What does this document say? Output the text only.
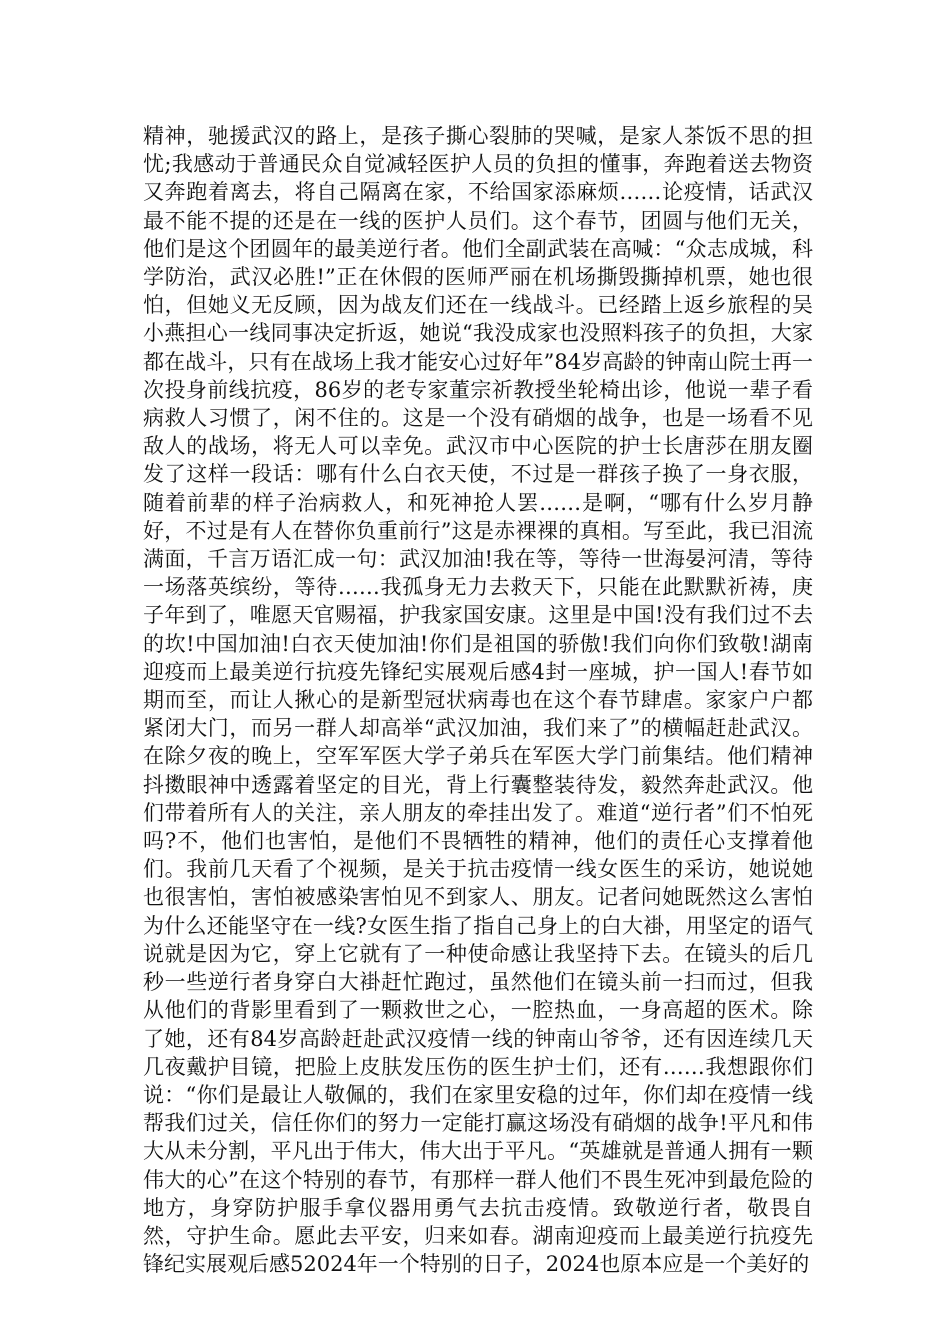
精神，驰援武汉的路上，是孩子撕心裂肺的哭喊，是家人茶饭不思的担忧;我感动于普通民众自觉减轻医护人员的负担的懂事，奔跑着送去物资又奔跑着离去，将自己隔离在家，不给国家添麻烦……论疫情，话武汉最不能不提的还是在一线的医护人员们。这个春节，团圆与他们无关，他们是这个团圆年的最美逆行者。他们全副武装在高喊：“众志成城，科学防治，武汉必胜!”正在休假的医师严丽在机场撕毁撕掉机票，她也很怕，但她义无反顾，因为战友们还在一线战斗。已经踏上返乡旅程的吴小燕担心一线同事决定折返，她说“我没成家也没照料孩子的负担，大家都在战斗，只有在战场上我才能安心过好年”84岁高龄的钟南山院士再一次投身前线抗疫，86岁的老专家董宗祈教授坐轮椅出诊，他说一辈子看病救人习惯了，闲不住的。这是一个没有硝烟的战争，也是一场看不见敌人的战场，将无人可以幸免。武汉市中心医院的护士长唐莎在朋友圈发了这样一段话：哪有什么白衣天使，不过是一群孩子换了一身衣服，随着前辈的样子治病救人，和死神抢人罢……是啊，“哪有什么岁月静好，不过是有人在替你负重前行”这是赤裸裸的真相。写至此，我已泪流满面，千言万语汇成一句：武汉加油!我在等，等待一世海晏河清，等待一场落英缤纷，等待……我孤身无力去救天下，只能在此默默祈祷，庚子年到了，唯愿天官赐福，护我家国安康。这里是中国!没有我们过不去的坎!中国加油!白衣天使加油!你们是祖国的骄傲!我们向你们致敬!湖南迎疫而上最美逆行抗疫先锋纪实展观后感4封一座城，护一国人!春节如期而至，而让人揪心的是新型冠状病毒也在这个春节肆虐。家家户户都紧闭大门，而另一群人却高举“武汉加油，我们来了”的横幅赶赴武汉。在除夕夜的晚上，空军军医大学子弟兵在军医大学门前集结。他们精神抖擞眼神中透露着坚定的目光，背上行囊整装待发，毅然奔赴武汉。他们带着所有人的关注，亲人朋友的牵挂出发了。难道“逆行者”们不怕死吗?不，他们也害怕，是他们不畏牺牲的精神，他们的责任心支撑着他们。我前几天看了个视频，是关于抗击疫情一线女医生的采访，她说她也很害怕，害怕被感染害怕见不到家人、朋友。记者问她既然这么害怕为什么还能坚守在一线?女医生指了指自己身上的白大褂，用坚定的语气说就是因为它，穿上它就有了一种使命感让我坚持下去。在镜头的后几秒一些逆行者身穿白大褂赶忙跑过，虽然他们在镜头前一扫而过，但我从他们的背影里看到了一颗救世之心，一腔热血，一身高超的医术。除了她，还有84岁高龄赶赴武汉疫情一线的钟南山爷爷，还有因连续几天几夜戴护目镜，把脸上皮肤发压伤的医生护士们，还有……我想跟你们说：“你们是最让人敬佩的，我们在家里安稳的过年，你们却在疫情一线帮我们过关，信任你们的努力一定能打赢这场没有硝烟的战争!平凡和伟大从未分割，平凡出于伟大，伟大出于平凡。“英雄就是普通人拥有一颗伟大的心”在这个特别的春节，有那样一群人他们不畏生死冲到最危险的地方，身穿防护服手拿仪器用勇气去抗击疫情。致敬逆行者，敬畏自然，守护生命。愿此去平安，归来如春。湖南迎疫而上最美逆行抗疫先锋纪实展观后感52024年一个特别的日子，2024也原本应是一个美好的
